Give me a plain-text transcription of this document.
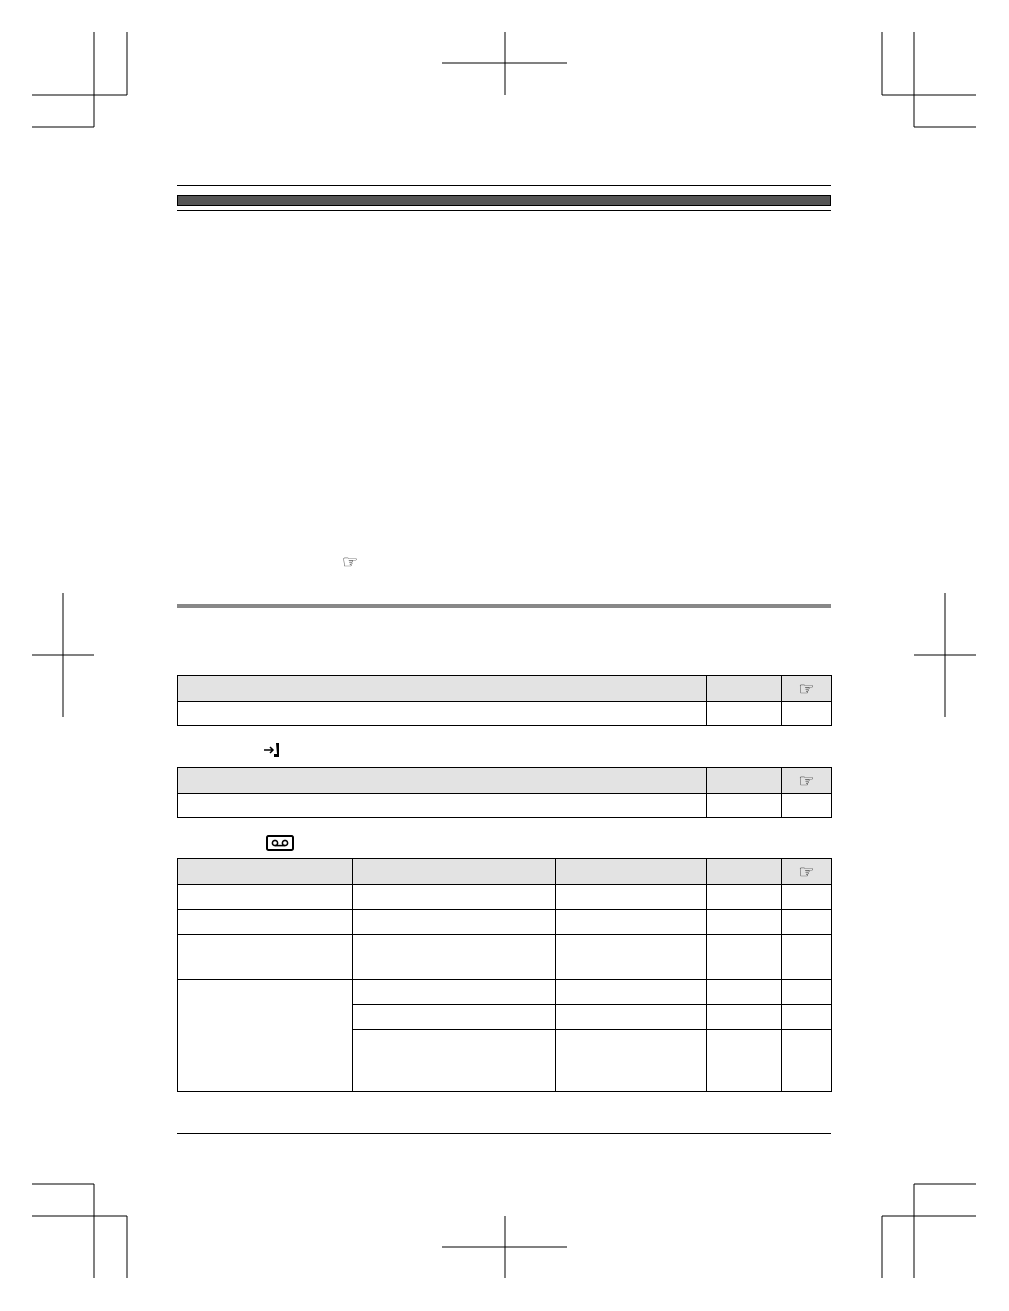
☞

		☞

		☞

				☞
